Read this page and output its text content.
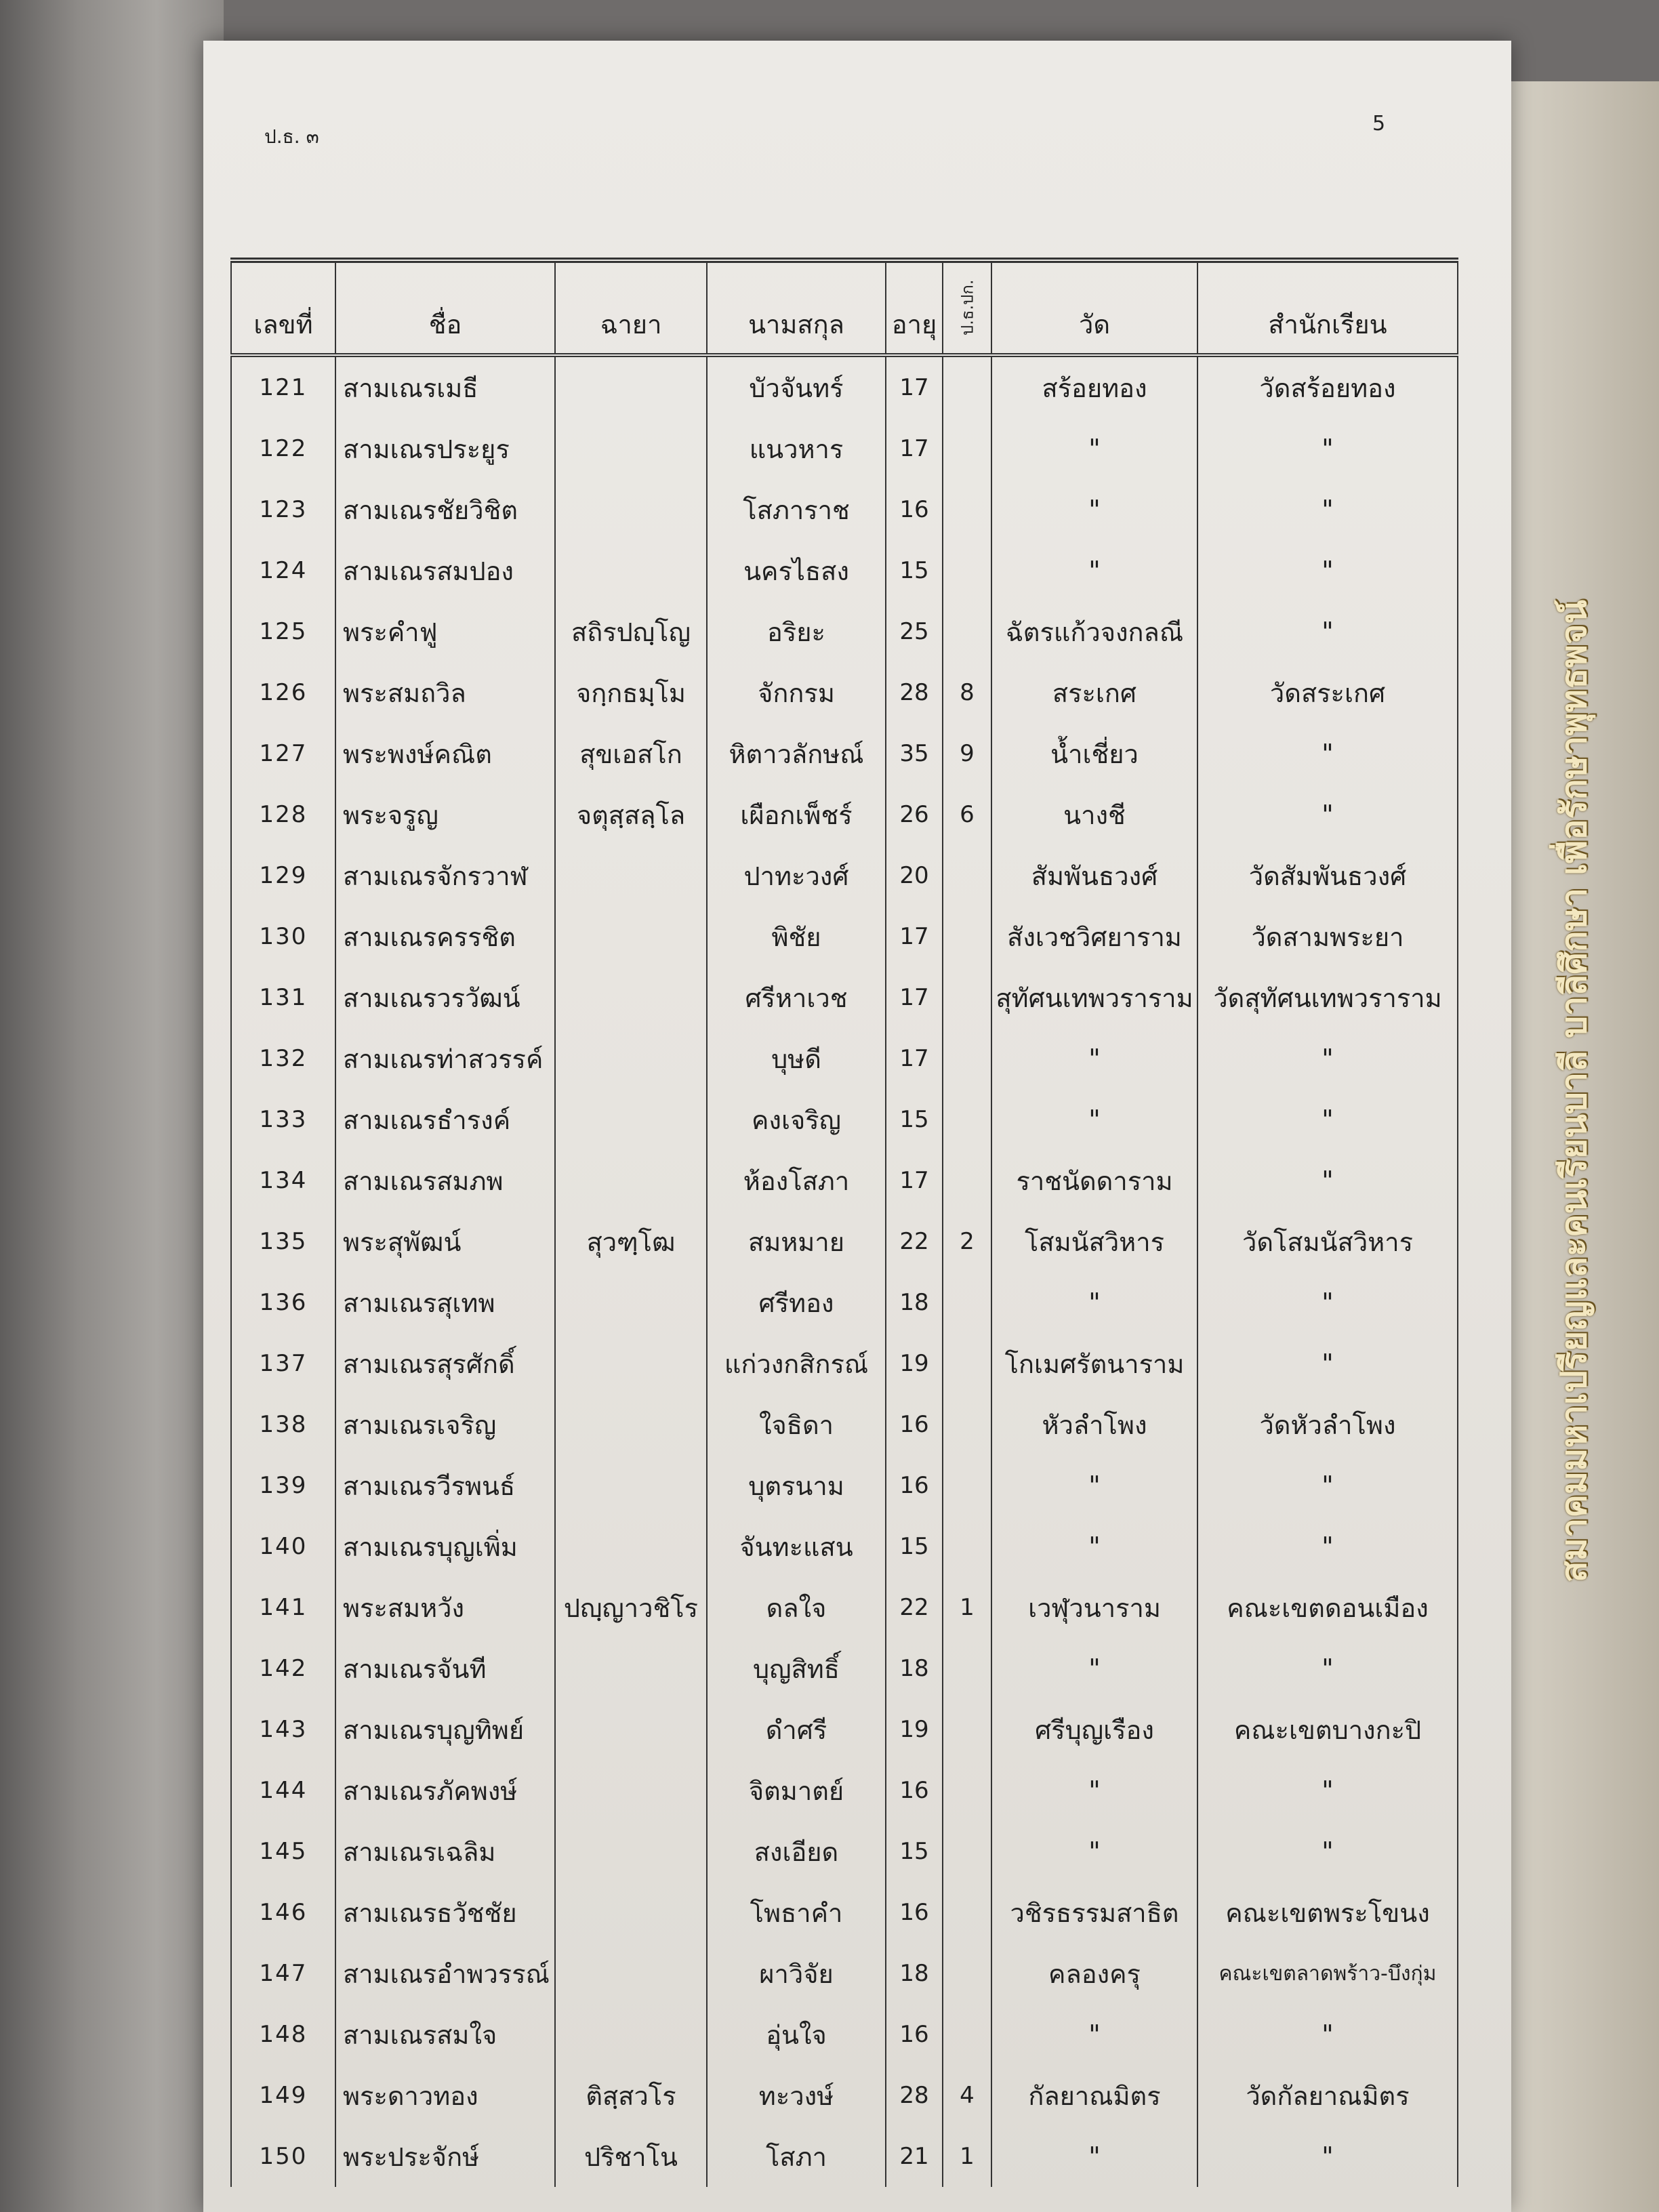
ป.ธ. ๓
5
เลขที่	ชื่อ	ฉายา	นามสกุล	อายุ	ป.ธ.ปก.	วัด	สำนักเรียน
121	สามเณรเมธี		บัวจันทร์	17		สร้อยทอง	วัดสร้อยทอง
122	สามเณรประยูร		แนวหาร	17		"	"
123	สามเณรชัยวิชิต		โสภาราช	16		"	"
124	สามเณรสมปอง		นครไธสง	15		"	"
125	พระคำฟู	สถิรปญฺโญ	อริยะ	25		ฉัตรแก้วจงกลณี	"
126	พระสมถวิล	จกฺกธมฺโม	จักกรม	28	8	สระเกศ	วัดสระเกศ
127	พระพงษ์คณิต	สุขเอสโก	หิตาวลักษณ์	35	9	น้ำเชี่ยว	"
128	พระจรูญ	จตุสฺสลฺโล	เผือกเพ็ชร์	26	6	นางชี	"
129	สามเณรจักรวาฬ		ปาทะวงศ์	20		สัมพันธวงศ์	วัดสัมพันธวงศ์
130	สามเณรครรชิต		พิชัย	17		สังเวชวิศยาราม	วัดสามพระยา
131	สามเณรวรวัฒน์		ศรีหาเวช	17		สุทัศนเทพวราราม	วัดสุทัศนเทพวราราม
132	สามเณรท่าสวรรค์		บุษดี	17		"	"
133	สามเณรธำรงค์		คงเจริญ	15		"	"
134	สามเณรสมภพ		ห้องโสภา	17		ราชนัดดาราม	"
135	พระสุพัฒน์	สุวฑฺโฒ	สมหมาย	22	2	โสมนัสวิหาร	วัดโสมนัสวิหาร
136	สามเณรสุเทพ		ศรีทอง	18		"	"
137	สามเณรสุรศักดิ์		แก่วงกสิกรณ์	19		โกเมศรัตนาราม	"
138	สามเณรเจริญ		ใจธิดา	16		หัวลำโพง	วัดหัวลำโพง
139	สามเณรวีรพนธ์		บุตรนาม	16		"	"
140	สามเณรบุญเพิ่ม		จันทะแสน	15		"	"
141	พระสมหวัง	ปญฺญาวชิโร	ดลใจ	22	1	เวฬุวนาราม	คณะเขตดอนเมือง
142	สามเณรจันที		บุญสิทธิ์	18		"	"
143	สามเณรบุญทิพย์		ดำศรี	19		ศรีบุญเรือง	คณะเขตบางกะปิ
144	สามเณรภัคพงษ์		จิตมาตย์	16		"	"
145	สามเณรเฉลิม		สงเอียด	15		"	"
146	สามเณรธวัชชัย		โพธาคำ	16		วชิรธรรมสาธิต	คณะเขตพระโขนง
147	สามเณรอำพวรรณ์		ผาวิจัย	18		คลองครุ	คณะเขตลาดพร้าว-บึงกุ่ม
148	สามเณรสมใจ		อุ่นใจ	16		"	"
149	พระดาวทอง	ติสฺสวโร	ทะวงษ์	28	4	กัลยาณมิตร	วัดกัลยาณมิตร
150	พระประจักษ์	ปริชาโน	โสภา	21	1	"	"
สมาคมมหาเปรียญและคนเรียนบาลี บาลีศึกษา เพื่อรักษาพุทธพจน์
